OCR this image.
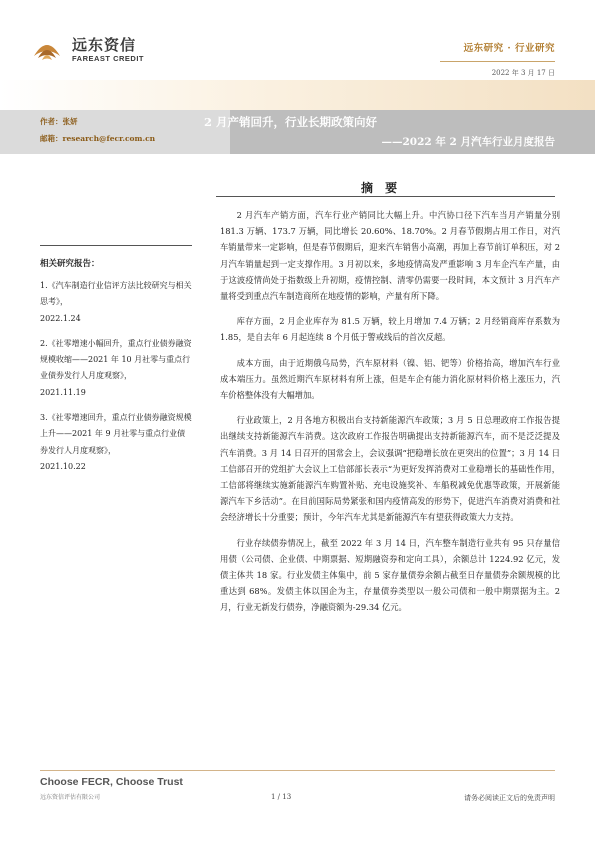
远东资信
FAREAST CREDIT
远东研究 · 行业研究
2022 年 3 月 17 日
作者：张妍
邮箱：research@fecr.com.cn
2 月产销回升，行业长期政策向好
——2022 年 2 月汽车行业月度报告
摘 要
相关研究报告：
1.《汽车制造行业信评方法比较研究与相关思考》，
2022.1.24
2.《社零增速小幅回升，重点行业债券融资规模收缩——2021 年 10 月社零与重点行业债券发行人月度观察》，
2021.11.19
3.《社零增速回升，重点行业债券融资规模上升——2021 年 9 月社零与重点行业债券发行人月度观察》，
2021.10.22

2 月汽车产销方面，汽车行业产销同比大幅上升。中汽协口径下汽车当月产销量分别 181.3 万辆、173.7 万辆，同比增长 20.60%、18.70%。2 月春节假期占用工作日，对汽车销量带来一定影响，但是春节假期后，迎来汽车销售小高潮，再加上春节前订单积压，对 2 月汽车销量起到一定支撑作用。3 月初以来，多地疫情高发严重影响 3 月车企汽车产量，由于这波疫情尚处于指数级上升初期，疫情控制、清零仍需要一段时间，本文预计 3 月汽车产量将受到重点汽车制造商所在地疫情的影响，产量有所下降。

库存方面，2 月企业库存为 81.5 万辆，较上月增加 7.4 万辆；2 月经销商库存系数为 1.85，是自去年 6 月起连续 8 个月低于警戒线后的首次反超。

成本方面，由于近期俄乌局势，汽车原材料（镍、铝、钯等）价格抬高，增加汽车行业成本端压力。虽然近期汽车原材料有所上涨，但是车企有能力消化原材料价格上涨压力，汽车价格整体没有大幅增加。

行业政策上，2 月各地方积极出台支持新能源汽车政策；3 月 5 日总理政府工作报告提出继续支持新能源汽车消费。这次政府工作报告明确提出支持新能源汽车，而不是泛泛提及汽车消费。3 月 14 日召开的国常会上，会议强调“把稳增长放在更突出的位置”；3 月 14 日工信部召开的党组扩大会议上工信部部长表示“为更好发挥消费对工业稳增长的基础性作用，工信部将继续实施新能源汽车购置补贴、充电设施奖补、车船税减免优惠等政策，开展新能源汽车下乡活动”。在目前国际局势紧张和国内疫情高发的形势下，促进汽车消费对消费和社会经济增长十分重要；预计，今年汽车尤其是新能源汽车有望获得政策大力支持。

行业存续债券情况上，截至 2022 年 3 月 14 日，汽车整车制造行业共有 95 只存量信用债（公司债、企业债、中期票据、短期融资券和定向工具），余额总计 1224.92 亿元，发债主体共 18 家。行业发债主体集中，前 5 家存量债券余额占截至日存量债券余额规模的比重达到 68%。发债主体以国企为主，存量债券类型以一般公司债和一般中期票据为主。2 月，行业无新发行债券，净融资额为-29.34 亿元。

Choose FECR, Choose Trust
远东资信评估有限公司	1 / 13	请务必阅读正文后的免责声明
